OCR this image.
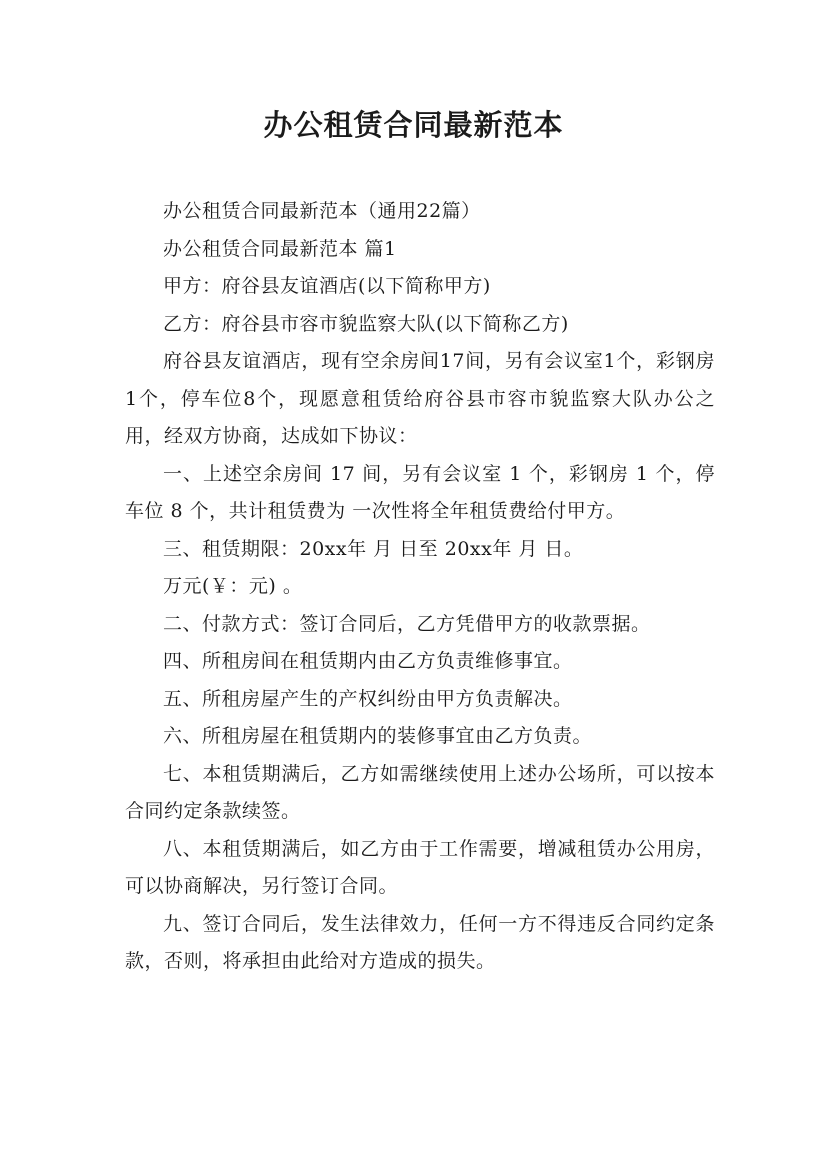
办公租赁合同最新范本

办公租赁合同最新范本（通用22篇）

办公租赁合同最新范本 篇1

甲方：府谷县友谊酒店(以下简称甲方)

乙方：府谷县市容市貌监察大队(以下简称乙方)

府谷县友谊酒店，现有空余房间17间，另有会议室1个，彩钢房1个，停车位8个，现愿意租赁给府谷县市容市貌监察大队办公之用，经双方协商，达成如下协议：

一、上述空余房间 17 间，另有会议室 1 个，彩钢房 1 个，停车位 8 个，共计租赁费为 一次性将全年租赁费给付甲方。

三、租赁期限：20xx年 月 日至 20xx年 月 日。

万元(￥：元) 。

二、付款方式：签订合同后，乙方凭借甲方的收款票据。

四、所租房间在租赁期内由乙方负责维修事宜。

五、所租房屋产生的产权纠纷由甲方负责解决。

六、所租房屋在租赁期内的装修事宜由乙方负责。

七、本租赁期满后，乙方如需继续使用上述办公场所，可以按本合同约定条款续签。

八、本租赁期满后，如乙方由于工作需要，增减租赁办公用房，可以协商解决，另行签订合同。

九、签订合同后，发生法律效力，任何一方不得违反合同约定条款，否则，将承担由此给对方造成的损失。
